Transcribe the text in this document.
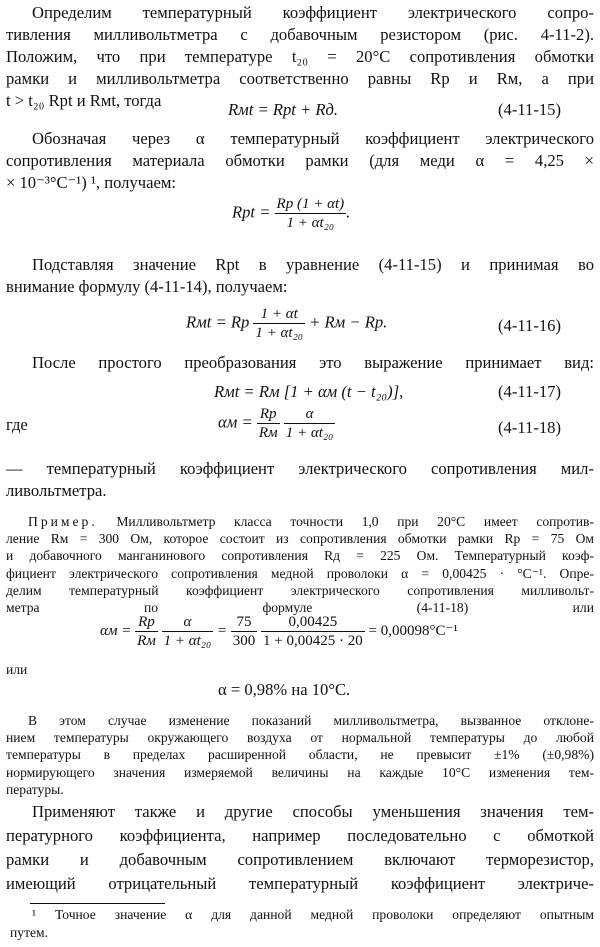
Определим температурный коэффициент электрического сопро-
тивления милливольтметра с добавочным резистором (рис. 4-11-2).
Положим, что при температуре t₂₀ = 20°C сопротивления обмотки
рамки и милливольтметра соответственно равны Rр и Rм, а при
t > t₂₀ Rрt и Rмt, тогда	Rмt = Rрt + Rд.	(4-11-15)
Обозначая через α температурный коэффициент электрического
сопротивления материала обмотки рамки (для меди α = 4,25 ×
× 10⁻³°C⁻¹) ¹, получаем:
Rрt = $\frac{Rр (1 + \alpha t)}{\text{1 + αt₂₀}}$ .
Подставляя значение Rрt в уравнение (4-11-15) и принимая во
внимание формулу (4-11-14), получаем:
Rмt = Rр $\frac{1 + \alpha t}{\text{1 + αt₂₀}}$ + Rм − Rр.	(4-11-16)
После простого преобразования это выражение принимает вид:
Rмt = Rм [1 + αм (t − t₂₀)],	(4-11-17)
где	$\alpha м = \frac{Rр}{Rм}$
$\frac{\alpha}{\text{1 + αt₂₀}}$	(4-11-18)
— температурный коэффициент электрического сопротивления мил-
ливольтметра.
Пример. Милливольтметр класса точности 1,0 при 20°C имеет сопротив-
ление Rм = 300 Ом, которое состоит из сопротивления обмотки рамки Rр = 75 Ом
и добавочного манганинового сопротивления Rд = 225 Ом. Температурный коэф-
фициент электрического сопротивления медной проволоки α = 0,00425 · °C⁻¹. Опре-
делим температурный коэффициент электрического сопротивления милливольт-
метра по формуле (4-11-18) или
$\alpha м = \frac{Rр}{Rм}$
$\frac{\alpha}{\text{1 + αt₂₀}} = \frac{75}{300}$
$\frac{0,00425}{1 + 0,00425 \cdot 20} = 0,00098^\circ C^{-1}$
или
α = 0,98% на 10°C.
В этом случае изменение показаний милливольтметра, вызванное отклоне-
нием температуры окружающего воздуха от нормальной температуры до любой
температуры в пределах расширенной области, не превысит ±1% (±0,98%)
нормирующего значения измеряемой величины на каждые 10°C изменения тем-
пературы.
Применяют также и другие способы уменьшения значения тем-
пературного коэффициента, например последовательно с обмоткой
рамки и добавочным сопротивлением включают терморезистор,
имеющий отрицательный температурный коэффициент электриче-
¹ Точное значение α для данной медной проволоки определяют опытным
путем.
